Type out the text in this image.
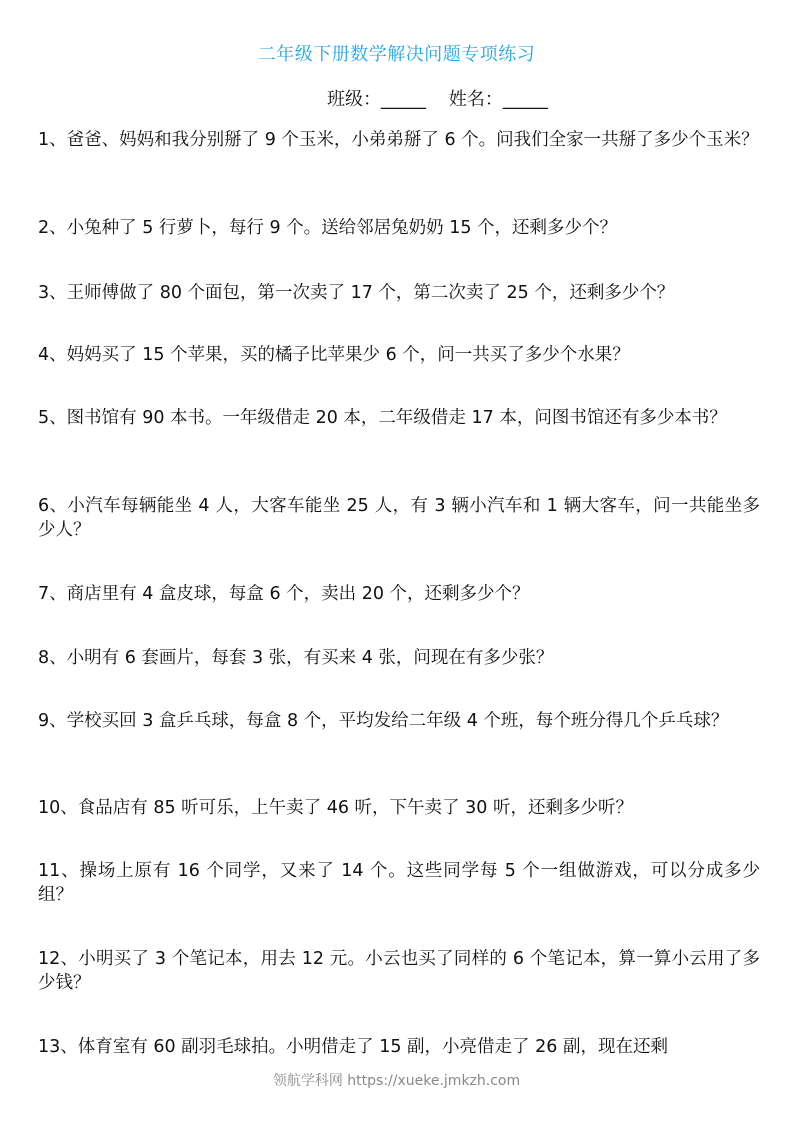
二年级下册数学解决问题专项练习
班级：_____    姓名：_____
1、爸爸、妈妈和我分别掰了 9 个玉米，小弟弟掰了 6 个。问我们全家一共掰了多少个玉米？
2、小兔种了 5 行萝卜，每行 9 个。送给邻居兔奶奶 15 个，还剩多少个？
3、王师傅做了 80 个面包，第一次卖了 17 个，第二次卖了 25 个，还剩多少个？
4、妈妈买了 15 个苹果，买的橘子比苹果少 6 个，问一共买了多少个水果？
5、图书馆有 90 本书。一年级借走 20 本，二年级借走 17 本，问图书馆还有多少本书？
6、小汽车每辆能坐 4 人，大客车能坐 25 人，有 3 辆小汽车和 1 辆大客车，问一共能坐多少人？
7、商店里有 4 盒皮球，每盒 6 个，卖出 20 个，还剩多少个？
8、小明有 6 套画片，每套 3 张，有买来 4 张，问现在有多少张？
9、学校买回 3 盒乒乓球，每盒 8 个，平均发给二年级 4 个班，每个班分得几个乒乓球？
10、食品店有 85 听可乐，上午卖了 46 听，下午卖了 30 听，还剩多少听？
11、操场上原有 16 个同学，又来了 14 个。这些同学每 5 个一组做游戏，可以分成多少组？
12、小明买了 3 个笔记本，用去 12 元。小云也买了同样的 6 个笔记本，算一算小云用了多少钱？
13、体育室有 60 副羽毛球拍。小明借走了 15 副，小亮借走了 26 副，现在还剩
领航学科网 https://xueke.jmkzh.com
